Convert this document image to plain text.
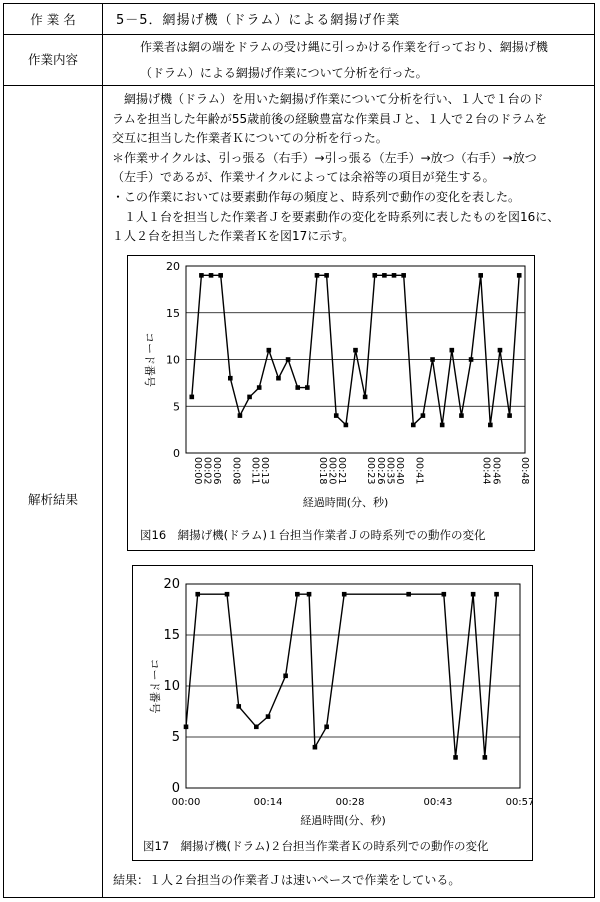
作 業 名	5－5．網揚げ機（ドラム）による網揚げ作業
作業内容

作業者は網の端をドラムの受け縄に引っかける作業を行っており、網揚げ機

（ドラム）による網揚げ作業について分析を行った。

解析結果

　網揚げ機（ドラム）を用いた網揚げ作業について分析を行い、１人で１台のド

ラムを担当した年齢が55歳前後の経験豊富な作業員Ｊと、１人で２台のドラムを

交互に担当した作業者Ｋについての分析を行った。

＊作業サイクルは、引っ張る（右手）→引っ張る（左手）→放つ（右手）→放つ

（左手）であるが、作業サイクルによっては余裕等の項目が発生する。

・この作業においては要素動作毎の頻度と、時系列で動作の変化を表した。

　１人１台を担当した作業者Ｊを要素動作の変化を時系列に表したものを図16に、

１人２台を担当した作業者Ｋを図17に示す。

0
5
10
15
20
コード番号
00:00
00:02
00:06 00:08 00:11
00:13	00:18
00:20
00:21 00:23
00:26
00:35
00:40 00:41	00:44
00:46 00:48
経過時間(分、秒)
図16　網揚げ機(ドラム)１台担当作業者Ｊの時系列での動作の変化
0
5
10
15
20
コード番号
00:00	00:14	00:28	00:43	00:57
経過時間(分、秒)
図17　網揚げ機(ドラム)２台担当作業者Ｋの時系列での動作の変化
結果：１人２台担当の作業者Ｊは速いペースで作業をしている。
